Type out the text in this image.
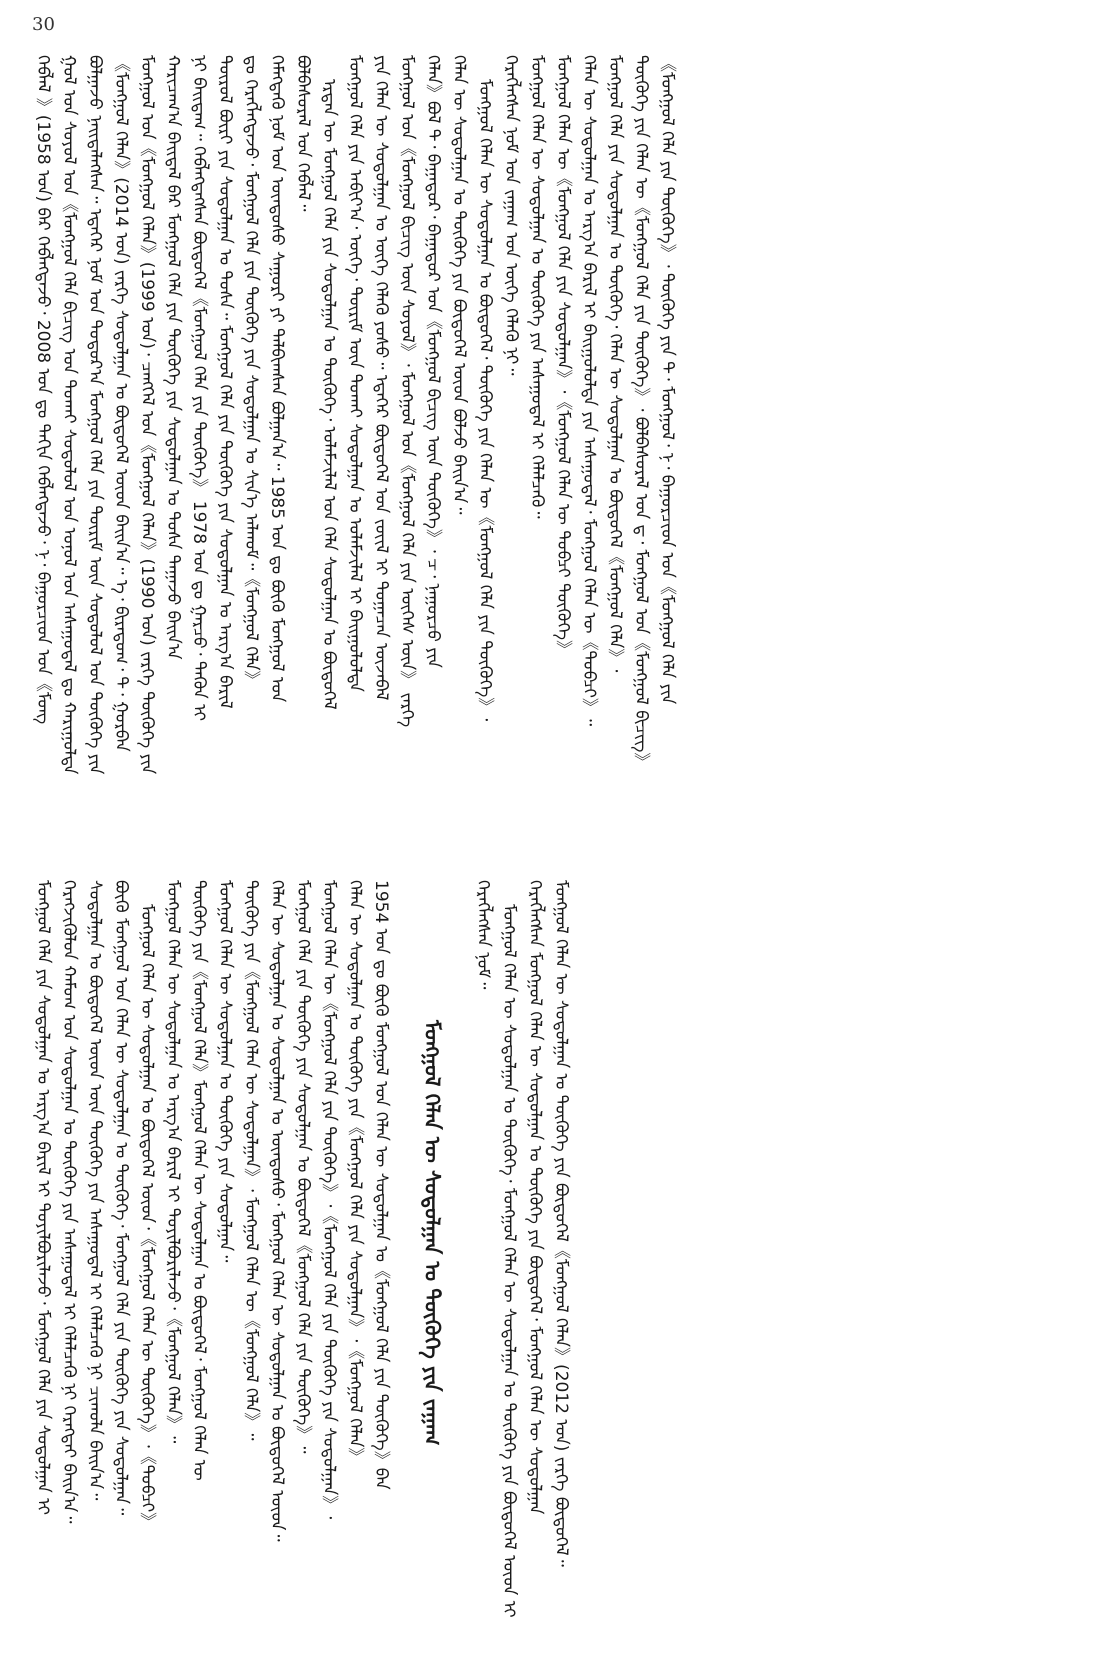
30
ᠬᠡᠪᠯᠡᠯ 》(1958 ᠣᠨ) ᠪᠡᠷ ᠬᠡᠪᠯᠡᠭᠳᠡᠵᠦ᠂ 2008 ᠣᠨ ᠳᠤ ᠳᠠᠬᠢᠨ ᠬᠡᠪᠯᠡᠭᠳᠡᠵᠦ᠂ ᠨ᠂ ᠪᠠᠭᠤᠷᠴᠢᠳ ᠤᠨ《ᠮᠣᠩ ᠭᠣᠯ ᠤᠨ ᠰᠣᠶᠣᠯ ᠤᠨ《ᠮᠣᠩᠭᠣᠯ ᠬᠡᠯᠡ ᠪᠢᠴᠢᠭ ᠤᠨ ᠲᠤᠬᠠᠢ ᠰᠣᠳᠤᠯᠤᠯ ᠤᠨ ᠣᠨᠣᠯ ᠤᠨ ᠠᠰᠠᠭᠤᠳᠠᠯ ᠳᠤ ᠬᠠᠷᠢᠭᠤᠯᠲᠠ ᠪᠣᠯᠭᠠᠵᠤ ᠨᠡᠢᠲᠡᠯᠡᠭᠰᠡᠨ᠃ ᠡᠳᠡᠭᠡᠷ ᠨᠣᠮ ᠤᠨ ᠳᠣᠲᠣᠷ᠎ᠠ ᠮᠣᠩᠭᠣᠯ ᠬᠡᠯᠡ ᠶᠢᠨ ᠳᠦᠷᠢᠮ ᠦᠨ ᠰᠣᠳᠤᠯᠤᠯ ᠤᠨ ᠲᠦᠭᠦᠬᠡ ᠶᠢᠨ 《ᠮᠣᠩᠭᠣᠯ ᠬᠡᠯᠡᠨ》(2014 ᠣᠨ) ᠵᠡᠷᠭᠡ ᠰᠤᠳᠤᠯᠭᠠᠨ ᠤ ᠪᠦᠲᠦᠭᠡᠯ ᠦᠳ ᠪᠠᠢᠨ᠎ᠠ᠃ ᠡ᠂ ᠪᠢᠷᠠᠳᠣᠭ᠂ ᠲ᠂ ᠭᠤᠷᠪᠠᠨ ᠮᠣᠩᠭᠣᠯ ᠤᠨ《ᠮᠣᠩᠭᠣᠯ ᠬᠡᠯᠡᠨ》(1999 ᠣᠨ)᠂ ᠴᠡᠩᠭᠡᠯ ᠤᠨ《ᠮᠣᠩᠭᠣᠯ ᠬᠡᠯᠡᠨ》(1990 ᠣᠨ) ᠵᠡᠷᠭᠡ ᠲᠦᠭᠦᠬᠡ ᠶᠢᠨ ᠬᠠᠷᠢᠴᠠᠭ᠎ᠠ ᠪᠠᠢᠳᠠᠯ ᠪᠠᠷ ᠮᠣᠩᠭᠣᠯ ᠬᠡᠯᠡ ᠶᠢᠨ ᠲᠦᠭᠦᠬᠡ ᠶᠢᠨ ᠰᠤᠳᠤᠯᠭᠠᠨ ᠤ ᠲᠤᠰᠠ ᠳᠠᠭᠠᠵᠤ ᠪᠠᠢᠨ᠎ᠠ ᠨᠢ ᠪᠠᠢᠳᠠᠭ᠃ ᠬᠡᠪᠯᠡᠭᠳᠡᠭᠰᠡᠨ ᠪᠦᠲᠦᠭᠡᠯ《ᠮᠣᠩᠭᠣᠯ ᠬᠡᠯᠡ ᠶᠢᠨ ᠲᠦᠭᠦᠬᠡ》 1978 ᠣᠨ ᠳᠤ ᠭᠠᠷᠴᠤ᠂ ᠲᠡᠭᠦᠨ ᠢ ᠲᠦᠷᠦᠯ ᠪᠦᠷᠢ ᠶᠢᠨ ᠰᠤᠳᠤᠯᠭᠠᠨ ᠤ ᠲᠤᠰᠠ᠃ ᠮᠣᠩᠭᠣᠯ ᠬᠡᠯᠡ ᠶᠢᠨ ᠲᠦᠭᠦᠬᠡ ᠶᠢᠨ ᠰᠤᠳᠤᠯᠭᠠᠨ ᠤ ᠠᠷᠭ᠎ᠠ ᠪᠠᠷᠢᠯ ᠳᠤ ᠬᠡᠷᠡᠭᠯᠡᠭᠳᠡᠵᠦ᠂ ᠮᠣᠩᠭᠣᠯ ᠬᠡᠯᠡ ᠶᠢᠨ ᠲᠦᠭᠦᠬᠡ ᠶᠢᠨ ᠰᠤᠳᠤᠯᠭᠠᠨ ᠤ ᠰᠢᠨ᠎ᠡ ᠠᠯᠬᠤᠮ᠃《ᠮᠣᠩᠭᠣᠯ ᠬᠡᠯᠡ》 ᠬᠡᠮᠡᠭᠳᠡᠬᠦ ᠨᠣᠮ ᠤᠨ ᠦᠨᠳᠦᠰᠦ ᠰᠠᠭᠤᠷᠢ ᠶᠢ ᠲᠠᠯᠪᠢᠭᠰᠠᠨ ᠪᠣᠯᠭᠠᠨ᠎ᠠ᠃ 1985 ᠣᠨ ᠳᠤ ᠪᠦᠬᠦ ᠮᠣᠩᠭᠣᠯ ᠤᠨ ᠪᠣᠯᠪᠠᠰᠤᠷᠠᠯ ᠤᠨ ᠬᠡᠪᠯᠡᠯ᠃ ᠡᠷᠲᠡᠨ ᠦ ᠮᠣᠩᠭᠣᠯ ᠬᠡᠯᠡ ᠶᠢᠨ ᠰᠤᠳᠤᠯᠭᠠᠨ ᠤ ᠲᠦᠭᠦᠬᠡ᠂ ᠤᠯᠠᠮᠵᠢᠯᠠᠯ ᠤᠨ ᠬᠡᠯᠡ ᠰᠤᠳᠤᠯᠭᠠᠨ ᠤ ᠪᠦᠲᠦᠭᠡᠯ ᠮᠣᠩᠭᠣᠯ ᠬᠡᠯᠡ ᠶᠢᠨ ᠠᠪᠢᠶ᠎ᠠ᠂ ᠦᠭᠡ᠂ ᠳᠦᠷᠢᠮ ᠦᠨ ᠲᠤᠬᠠᠢ ᠰᠤᠳᠤᠯᠭᠠᠨ ᠤ ᠤᠯᠠᠮᠵᠢᠯᠠᠯ ᠢ ᠪᠠᠢᠭᠤᠯᠤᠯᠲᠠ ᠶᠢᠨ ᠬᠡᠯᠡᠨ ᠦ ᠰᠤᠳᠤᠯᠭᠠᠨ ᠤ ᠦᠭᠡ ᠬᠡᠯᠡᠬᠦ ᠶᠣᠰᠣ᠃ ᠡᠳᠡᠭᠡᠷ ᠪᠦᠲᠦᠭᠡᠯ ᠤᠨ ᠵᠦᠢᠯ ᠢ ᠲᠣᠭᠠᠴᠠᠨ ᠦᠵᠡᠪᠡᠯ ᠮᠣᠩᠭᠣᠯ ᠤᠨ《ᠮᠣᠩᠭᠣᠯ ᠪᠢᠴᠢᠭ ᠦᠨ ᠰᠣᠶᠣᠯ》᠂ ᠮᠣᠩᠭᠣᠯ ᠤᠨ《ᠮᠣᠩᠭᠣᠯ ᠬᠡᠯᠡ ᠶᠢᠨ ᠦᠭᠡᠰ ᠦᠨ》 ᠵᠡᠷᠭᠡ ᠬᠡᠯᠡᠨ》ᠪᠣᠯ ᠲ᠂ ᠪᠠᠭᠠᠲᠤᠷ᠂ ᠪᠠᠭᠠᠲᠤᠷ ᠤᠨ《ᠮᠣᠩᠭᠣᠯ ᠪᠢᠴᠢᠭ ᠦᠨ ᠲᠦᠭᠦᠬᠡ》᠂ ᠴ᠂ ᠨᠠᠭᠤᠷᠴᠤ ᠶᠢᠨ ᠬᠡᠯᠡᠨ ᠦ ᠰᠤᠳᠤᠯᠭᠠᠨ ᠤ ᠲᠦᠭᠦᠬᠡ ᠶᠢᠨ ᠪᠦᠲᠦᠭᠡᠯ ᠦᠳ ᠪᠣᠯᠵᠤ ᠪᠠᠢᠨ᠎ᠠ᠃ ᠮᠣᠩᠭᠣᠯ ᠬᠡᠯᠡᠨ ᠦ ᠰᠤᠳᠤᠯᠭᠠᠨ ᠤ ᠪᠦᠲᠦᠭᠡᠯ᠂ ᠲᠦᠭᠦᠬᠡ ᠶᠢᠨ ᠬᠡᠯᠡᠨ ᠦ《ᠮᠣᠩᠭᠣᠯ ᠬᠡᠯᠡ ᠶᠢᠨ ᠲᠦᠭᠦᠬᠡ》᠂ ᠬᠡᠷᠡᠭᠯᠡᠭᠰᠡᠨ ᠨᠣᠮ ᠤᠨ ᠵᠠᠭᠠᠭ ᠤᠨ ᠦᠭᠡ ᠬᠡᠯᠡᠬᠦ ᠨᠢ᠃ ᠮᠣᠩᠭᠣᠯ ᠬᠡᠯᠡᠨ ᠦ ᠰᠤᠳᠤᠯᠭᠠᠨ ᠤ ᠲᠦᠭᠦᠬᠡ ᠶᠢᠨ ᠠᠰᠠᠭᠤᠳᠠᠯ ᠢ ᠬᠡᠯᠡᠯᠴᠡᠬᠦ᠃ ᠮᠣᠩᠭᠣᠯ ᠬᠡᠯᠡᠨ ᠦ《ᠮᠣᠩᠭᠣᠯ ᠬᠡᠯᠡ ᠶᠢᠨ ᠰᠤᠳᠤᠯᠭᠠᠨ》᠂《ᠮᠣᠩᠭᠣᠯ ᠬᠡᠯᠡᠨ ᠦ ᠲᠣᠪᠴᠢ ᠲᠦᠭᠦᠬᠡ》 ᠬᠡᠯᠡᠨ ᠦ ᠰᠤᠳᠤᠯᠭᠠᠨ ᠤ ᠠᠷᠭ᠎ᠠ ᠪᠠᠷᠢᠯ ᠢ ᠪᠠᠢᠭᠤᠯᠤᠯᠲᠠ ᠶᠢᠨ ᠠᠰᠠᠭᠤᠳᠠᠯ᠂ ᠮᠣᠩᠭᠣᠯ ᠬᠡᠯᠡᠨ ᠦ《ᠲᠣᠪᠴᠢ》᠃ ᠮᠣᠩᠭᠣᠯ ᠬᠡᠯᠡ ᠶᠢᠨ ᠰᠤᠳᠤᠯᠭᠠᠨ ᠤ ᠲᠦᠭᠦᠬᠡ᠂ ᠬᠡᠯᠡᠨ ᠦ ᠰᠤᠳᠤᠯᠭᠠᠨ ᠤ ᠪᠦᠲᠦᠭᠡᠯ《ᠮᠣᠩᠭᠣᠯ ᠬᠡᠯᠡ》᠂ ᠲᠦᠭᠦᠬᠡ ᠶᠢᠨ ᠬᠡᠯᠡᠨ ᠦ《ᠮᠣᠩᠭᠣᠯ ᠬᠡᠯᠡ ᠶᠢᠨ ᠲᠦᠭᠦᠬᠡ》᠂ ᠪᠣᠯᠪᠠᠰᠤᠷᠠᠯ ᠤᠨ ᠳ᠂ ᠮᠣᠩᠭᠣᠯ ᠤᠨ《ᠮᠣᠩᠭᠣᠯ ᠪᠢᠴᠢᠭ》 《ᠮᠣᠩᠭᠣᠯ ᠬᠡᠯᠡ ᠶᠢᠨ ᠲᠦᠭᠦᠬᠡ》᠂ ᠲᠦᠭᠦᠬᠡ ᠶᠢᠨ ᠲ᠂ ᠮᠣᠩᠭᠣᠯ᠂ ᠨ᠂ ᠪᠠᠭᠤᠷᠴᠢᠳ ᠤᠨ《ᠮᠣᠩᠭᠣᠯ ᠬᠡᠯᠡ ᠶᠢᠨ
ᠮᠣᠩᠭᠣᠯ ᠬᠡᠯᠡ ᠶᠢᠨ ᠰᠤᠳᠤᠯᠭᠠᠨ ᠤ ᠠᠷᠭ᠎ᠠ ᠪᠠᠷᠢᠯ ᠢ ᠲᠤᠶᠢᠯᠪᠤᠷᠢᠯᠠᠵᠤ᠂ ᠮᠣᠩᠭᠣᠯ ᠬᠡᠯᠡ ᠶᠢᠨ ᠰᠤᠳᠤᠯᠭᠠᠨ ᠢ ᠬᠡᠷᠡᠭᠵᠢᠭᠦᠯᠦᠨ ᠬᠠᠮᠤᠭ ᠤᠨ ᠰᠤᠳᠤᠯᠭᠠᠨ ᠤ ᠲᠦᠭᠦᠬᠡ ᠶᠢᠨ ᠠᠰᠠᠭᠤᠳᠠᠯ ᠢ ᠬᠡᠯᠡᠯᠴᠡᠬᠦ ᠨᠢ ᠬᠡᠷᠡᠭᠲᠡᠢ ᠪᠠᠢᠨ᠎ᠠ᠃ ᠰᠤᠳᠤᠯᠭᠠᠨ ᠤ ᠪᠦᠲᠦᠭᠡᠯ ᠦᠳ ᠦᠨ ᠲᠦᠭᠦᠬᠡ ᠶᠢᠨ ᠠᠰᠠᠭᠤᠳᠠᠯ ᠢ ᠬᠡᠯᠡᠯᠴᠡᠬᠦ ᠨᠢ ᠴᠢᠬᠤᠯᠠ ᠪᠠᠢᠨ᠎ᠠ᠃ ᠪᠦᠬᠦ ᠮᠣᠩᠭᠣᠯ ᠤᠨ ᠬᠡᠯᠡᠨ ᠦ ᠰᠤᠳᠤᠯᠭᠠᠨ ᠤ ᠲᠦᠭᠦᠬᠡ᠂ ᠮᠣᠩᠭᠣᠯ ᠬᠡᠯᠡ ᠶᠢᠨ ᠲᠦᠭᠦᠬᠡ ᠶᠢᠨ ᠰᠤᠳᠤᠯᠭᠠᠨ᠃ ᠮᠣᠩᠭᠣᠯ ᠬᠡᠯᠡᠨ ᠦ ᠰᠤᠳᠤᠯᠭᠠᠨ ᠤ ᠪᠦᠲᠦᠭᠡᠯ ᠦᠳ᠂《ᠮᠣᠩᠭᠣᠯ ᠬᠡᠯᠡᠨ ᠦ ᠲᠦᠭᠦᠬᠡ》᠂《ᠲᠣᠪᠴᠢ》 ᠮᠣᠩᠭᠣᠯ ᠬᠡᠯᠡᠨ ᠦ ᠰᠤᠳᠤᠯᠭᠠᠨ ᠤ ᠠᠷᠭ᠎ᠠ ᠪᠠᠷᠢᠯ ᠢ ᠲᠤᠶᠢᠯᠪᠤᠷᠢᠯᠠᠵᠤ᠂《ᠮᠣᠩᠭᠣᠯ ᠬᠡᠯᠡᠨ》᠃ ᠲᠦᠭᠦᠬᠡ ᠶᠢᠨ《ᠮᠣᠩᠭᠣᠯ ᠬᠡᠯᠡ》ᠮᠣᠩᠭᠣᠯ ᠬᠡᠯᠡᠨ ᠦ ᠰᠤᠳᠤᠯᠭᠠᠨ ᠤ ᠪᠦᠲᠦᠭᠡᠯ᠂ ᠮᠣᠩᠭᠣᠯ ᠬᠡᠯᠡᠨ ᠦ ᠮᠣᠩᠭᠣᠯ ᠬᠡᠯᠡᠨ ᠦ ᠰᠤᠳᠤᠯᠭᠠᠨ ᠤ ᠲᠦᠭᠦᠬᠡ ᠶᠢᠨ ᠰᠤᠳᠤᠯᠭᠠᠨ᠃ ᠲᠦᠭᠦᠬᠡ ᠶᠢᠨ《ᠮᠣᠩᠭᠣᠯ ᠬᠡᠯᠡᠨ ᠦ ᠰᠤᠳᠤᠯᠭᠠᠨ》᠂ ᠮᠣᠩᠭᠣᠯ ᠬᠡᠯᠡᠨ ᠦ《ᠮᠣᠩᠭᠣᠯ ᠬᠡᠯᠡ》᠃ ᠬᠡᠯᠡᠨ ᠦ ᠰᠤᠳᠤᠯᠭᠠᠨ ᠤ ᠰᠤᠳᠤᠯᠭᠠᠨ ᠤ ᠦᠨᠳᠦᠰᠦ᠂ ᠮᠣᠩᠭᠣᠯ ᠬᠡᠯᠡᠨ ᠦ ᠰᠤᠳᠤᠯᠭᠠᠨ ᠤ ᠪᠦᠲᠦᠭᠡᠯ ᠦᠳ᠃ ᠮᠣᠩᠭᠣᠯ ᠬᠡᠯᠡ ᠶᠢᠨ ᠲᠦᠭᠦᠬᠡ ᠶᠢᠨ ᠰᠤᠳᠤᠯᠭᠠᠨ ᠤ ᠪᠦᠲᠦᠭᠡᠯ《ᠮᠣᠩᠭᠣᠯ ᠬᠡᠯᠡ ᠶᠢᠨ ᠲᠦᠭᠦᠬᠡ》᠃ ᠮᠣᠩᠭᠣᠯ ᠬᠡᠯᠡᠨ ᠦ《ᠮᠣᠩᠭᠣᠯ ᠬᠡᠯᠡ ᠶᠢᠨ ᠲᠦᠭᠦᠬᠡ》᠂《ᠮᠣᠩᠭᠣᠯ ᠬᠡᠯᠡ ᠶᠢᠨ ᠲᠦᠭᠦᠬᠡ ᠶᠢᠨ ᠰᠤᠳᠤᠯᠭᠠᠨ》᠂ ᠬᠡᠯᠡᠨ ᠦ ᠰᠤᠳᠤᠯᠭᠠᠨ ᠤ ᠲᠦᠭᠦᠬᠡ ᠶᠢᠨ《ᠮᠣᠩᠭᠣᠯ ᠬᠡᠯᠡ ᠶᠢᠨ ᠰᠤᠳᠤᠯᠭᠠᠨ》᠂《ᠮᠣᠩᠭᠣᠯ ᠬᠡᠯᠡᠨ》 1954 ᠣᠨ ᠳᠤ ᠪᠦᠬᠦ ᠮᠣᠩᠭᠣᠯ ᠤᠨ ᠬᠡᠯᠡᠨ ᠦ ᠰᠤᠳᠤᠯᠭᠠᠨ ᠤ《ᠮᠣᠩᠭᠣᠯ ᠬᠡᠯᠡ ᠶᠢᠨ ᠲᠦᠭᠦᠬᠡ》ᠪᠠᠨ ᠮᠣᠩᠭᠣᠯ ᠬᠡᠯᠡᠨ ᠦ ᠰᠤᠳᠤᠯᠭᠠᠨ ᠤ ᠲᠦᠭᠦᠬᠡ ᠶᠢᠨ ᠵᠠᠭᠠᠭ
ᠬᠡᠷᠡᠭᠯᠡᠭᠰᠡᠨ ᠨᠣᠮ᠃ ᠮᠣᠩᠭᠣᠯ ᠬᠡᠯᠡᠨ ᠦ ᠰᠤᠳᠤᠯᠭᠠᠨ ᠤ ᠲᠦᠭᠦᠬᠡ᠂ ᠮᠣᠩᠭᠣᠯ ᠬᠡᠯᠡᠨ ᠦ ᠰᠤᠳᠤᠯᠭᠠᠨ ᠤ ᠲᠦᠭᠦᠬᠡ ᠶᠢᠨ ᠪᠦᠲᠦᠭᠡᠯ ᠦᠳ ᠢ ᠬᠡᠷᠡᠭᠯᠡᠭᠰᠡᠨ ᠮᠣᠩᠭᠣᠯ ᠬᠡᠯᠡᠨ ᠦ ᠰᠤᠳᠤᠯᠭᠠᠨ ᠤ ᠲᠦᠭᠦᠬᠡ ᠶᠢᠨ ᠪᠦᠲᠦᠭᠡᠯ᠂ ᠮᠣᠩᠭᠣᠯ ᠬᠡᠯᠡᠨ ᠦ ᠰᠤᠳᠤᠯᠭᠠᠨ ᠮᠣᠩᠭᠣᠯ ᠬᠡᠯᠡᠨ ᠦ ᠰᠤᠳᠤᠯᠭᠠᠨ ᠤ ᠲᠦᠭᠦᠬᠡ ᠶᠢᠨ ᠪᠦᠲᠦᠭᠡᠯ《ᠮᠣᠩᠭᠣᠯ ᠬᠡᠯᠡᠨ》(2012 ᠣᠨ) ᠵᠡᠷᠭᠡ ᠪᠦᠲᠦᠭᠡᠯ᠃
